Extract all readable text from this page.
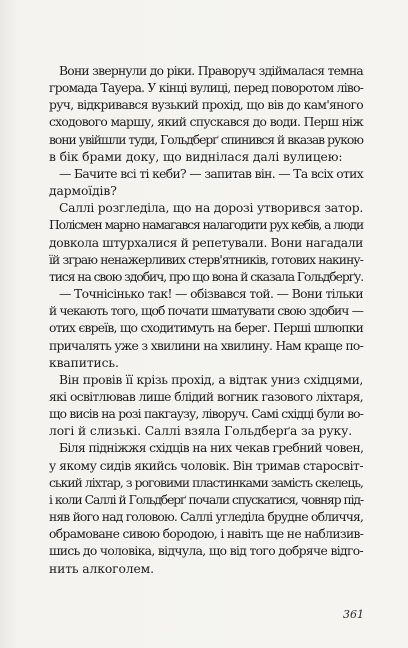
Вони звернули до ріки. Праворуч здіймалася темна
громада Тауера. У кінці вулиці, перед поворотом ліво-
руч, відкривався вузький прохід, що вів до кам'яного
сходового маршу, який спускався до води. Перш ніж
вони увійшли туди, Гольдберґ спинився й вказав рукою
в бік брами доку, що виднілася далі вулицею:
— Бачите всі ті кеби? — запитав він. — Та всіх отих
дармоїдів?
Саллі розгледіла, що на дорозі утворився затор.
Полісмен марно намагався налагодити рух кебів, а люди
довкола штурхалися й репетували. Вони нагадали
їй зграю ненажерливих стерв'ятників, готових накину-
тися на свою здобич, про що вона й сказала Гольдберґу.
— Точнісінько так! — обізвався той. — Вони тільки
й чекають того, щоб почати шматувати свою здобич —
отих євреїв, що сходитимуть на берег. Перші шлюпки
причалять уже з хвилини на хвилину. Нам краще по-
квапитись.
Він провів її крізь прохід, а відтак униз східцями,
які освітлював лише блідий вогник газового ліхтаря,
що висів на розі пакгаузу, ліворуч. Самі східці були во-
логі й слизькі. Саллі взяла Гольдберґа за руку.
Біля підніжжя східців на них чекав гребний човен,
у якому сидів якийсь чоловік. Він тримав старосвіт-
ський ліхтар, з роговими пластинками замість скелець,
і коли Саллі й Гольдберґ почали спускатися, човняр під-
няв його над головою. Саллі угледіла брудне обличчя,
обрамоване сивою бородою, і навіть ще не наблизив-
шись до чоловіка, відчула, що від того добряче відго-
нить алкоголем.
361
